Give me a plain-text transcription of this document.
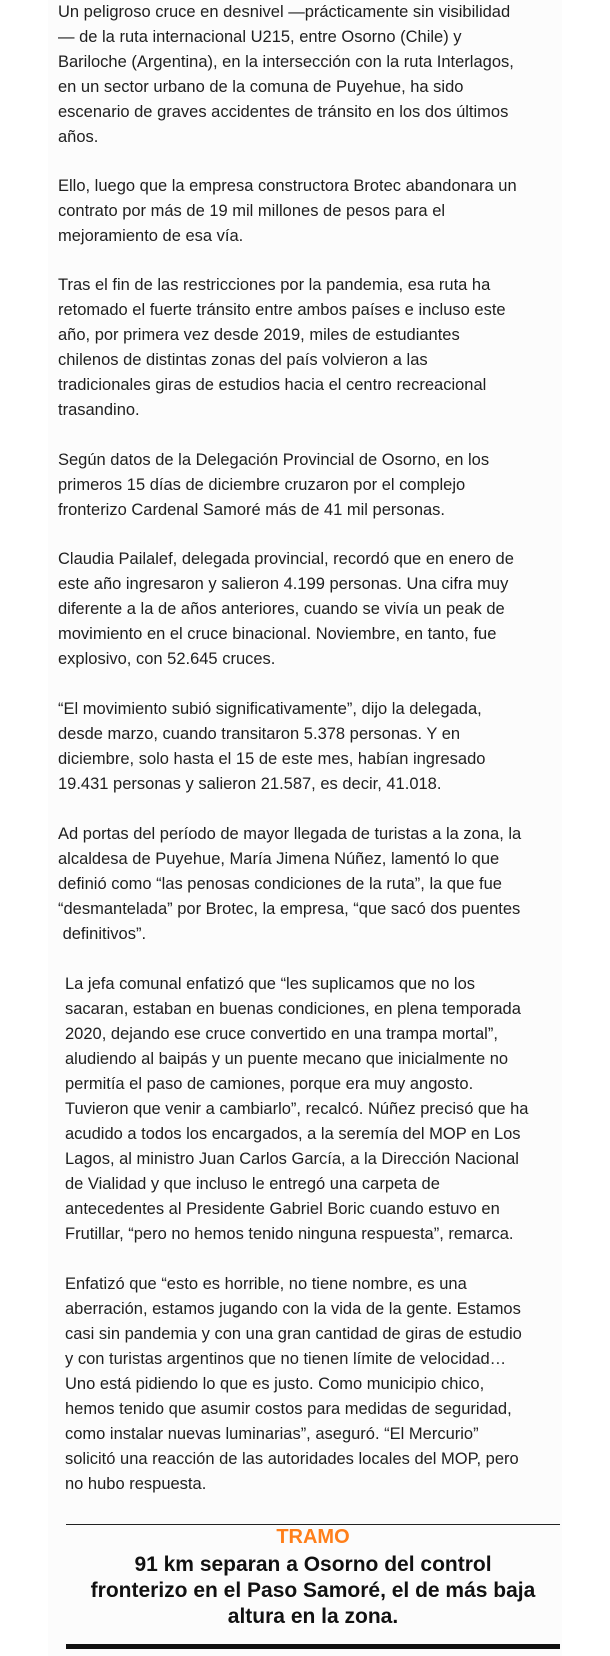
Un peligroso cruce en desnivel —prácticamente sin visibilidad
— de la ruta internacional U215, entre Osorno (Chile) y
Bariloche (Argentina), en la intersección con la ruta Interlagos,
en un sector urbano de la comuna de Puyehue, ha sido
escenario de graves accidentes de tránsito en los dos últimos
años.

Ello, luego que la empresa constructora Brotec abandonara un
contrato por más de 19 mil millones de pesos para el
mejoramiento de esa vía.

Tras el fin de las restricciones por la pandemia, esa ruta ha
retomado el fuerte tránsito entre ambos países e incluso este
año, por primera vez desde 2019, miles de estudiantes
chilenos de distintas zonas del país volvieron a las
tradicionales giras de estudios hacia el centro recreacional
trasandino.

Según datos de la Delegación Provincial de Osorno, en los
primeros 15 días de diciembre cruzaron por el complejo
fronterizo Cardenal Samoré más de 41 mil personas.

Claudia Pailalef, delegada provincial, recordó que en enero de
este año ingresaron y salieron 4.199 personas. Una cifra muy
diferente a la de años anteriores, cuando se vivía un peak de
movimiento en el cruce binacional. Noviembre, en tanto, fue
explosivo, con 52.645 cruces.

“El movimiento subió significativamente”, dijo la delegada,
desde marzo, cuando transitaron 5.378 personas. Y en
diciembre, solo hasta el 15 de este mes, habían ingresado
19.431 personas y salieron 21.587, es decir, 41.018.

Ad portas del período de mayor llegada de turistas a la zona, la
alcaldesa de Puyehue, María Jimena Núñez, lamentó lo que
definió como “las penosas condiciones de la ruta”, la que fue
“desmantelada” por Brotec, la empresa, “que sacó dos puentes
definitivos”.

La jefa comunal enfatizó que “les suplicamos que no los
sacaran, estaban en buenas condiciones, en plena temporada
2020, dejando ese cruce convertido en una trampa mortal”,
aludiendo al baipás y un puente mecano que inicialmente no
permitía el paso de camiones, porque era muy angosto.
Tuvieron que venir a cambiarlo”, recalcó. Núñez precisó que ha
acudido a todos los encargados, a la seremía del MOP en Los
Lagos, al ministro Juan Carlos García, a la Dirección Nacional
de Vialidad y que incluso le entregó una carpeta de
antecedentes al Presidente Gabriel Boric cuando estuvo en
Frutillar, “pero no hemos tenido ninguna respuesta”, remarca.

Enfatizó que “esto es horrible, no tiene nombre, es una
aberración, estamos jugando con la vida de la gente. Estamos
casi sin pandemia y con una gran cantidad de giras de estudio
y con turistas argentinos que no tienen límite de velocidad…
Uno está pidiendo lo que es justo. Como municipio chico,
hemos tenido que asumir costos para medidas de seguridad,
como instalar nuevas luminarias”, aseguró. “El Mercurio”
solicitó una reacción de las autoridades locales del MOP, pero
no hubo respuesta.

TRAMO

91 km separan a Osorno del control
fronterizo en el Paso Samoré, el de más baja
altura en la zona.
